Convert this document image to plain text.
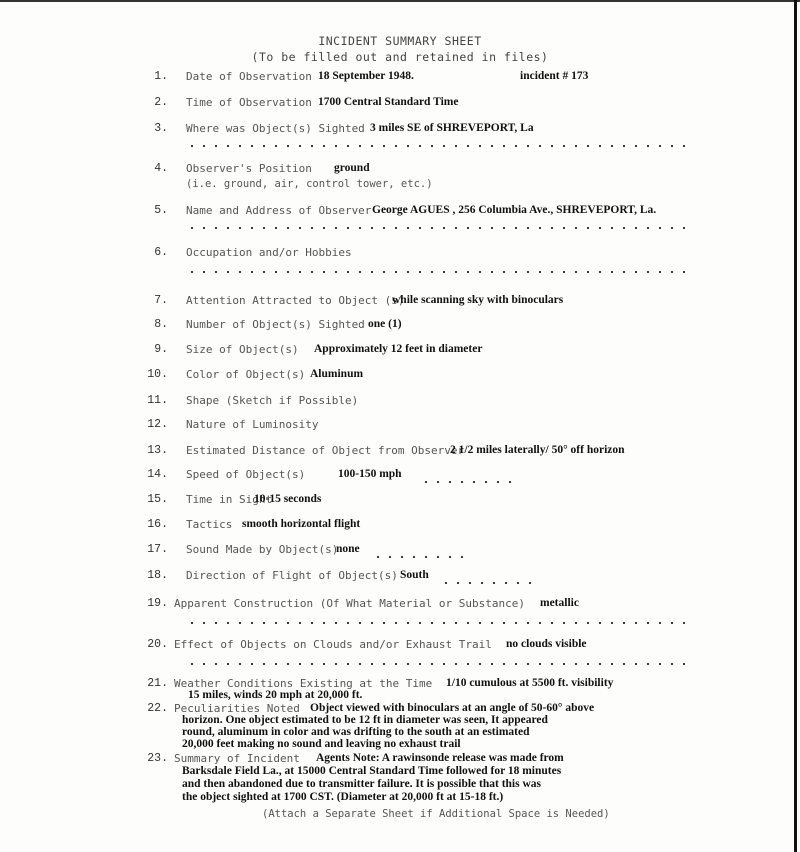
INCIDENT SUMMARY SHEET
(To be filled out and retained in files)
1. Date of Observation 18 September 1948.	incident # 173
2. Time of Observation 1700 Central Standard Time
3. Where was Object(s) Sighted 3 miles SE of SHREVEPORT, La
4. Observer's Position ground
(i.e. ground, air, control tower, etc.)
5. Name and Address of Observer George AGUES , 256 Columbia Ave., SHREVEPORT, La.
6. Occupation and/or Hobbies
7. Attention Attracted to Object (s)
while scanning sky with binoculars
8. Number of Object(s) Sighted one (1)
9. Size of Object(s) Approximately 12 feet in diameter
10. Color of Object(s) Aluminum
11. Shape (Sketch if Possible)
12. Nature of Luminosity
13. Estimated Distance of Object from Observer
2 1/2 miles laterally/ 50° off horizon
14. Speed of Object(s)	100-150 mph
15. Time in Sight
10-15 seconds
16. Tactics smooth horizontal flight
17. Sound Made by Object(s)
none
18. Direction of Flight of Object(s) South
19. Apparent Construction (Of What Material or Substance) metallic
20. Effect of Objects on Clouds and/or Exhaust Trail no clouds visible
21. Weather Conditions Existing at the Time 1/10 cumulous at 5500 ft. visibility
15 miles, winds 20 mph at 20,000 ft.
22. Peculiarities Noted Object viewed with binoculars at an angle of 50-60° above
horizon. One object estimated to be 12 ft in diameter was seen, It appeared
round, aluminum in color and was drifting to the south at an estimated
20,000 feet making no sound and leaving no exhaust trail
23. Summary of Incident Agents Note: A rawinsonde release was made from
Barksdale Field La., at 15000 Central Standard Time followed for 18 minutes
and then abandoned due to transmitter failure. It is possible that this was
the object sighted at 1700 CST. (Diameter at 20,000 ft at 15-18 ft.)
(Attach a Separate Sheet if Additional Space is Needed)
